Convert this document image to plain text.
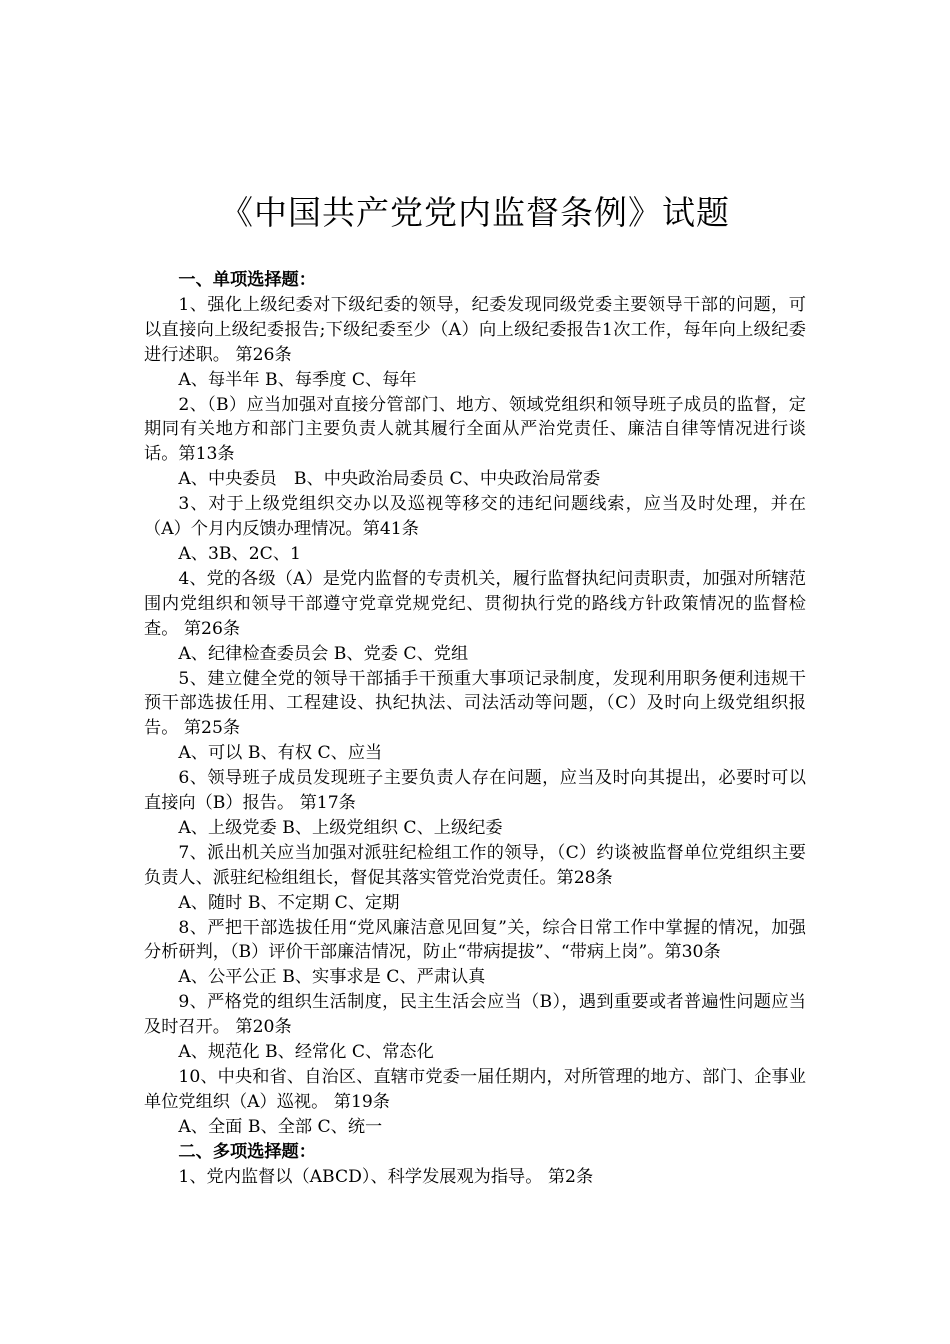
《中国共产党党内监督条例》试题

一、单项选择题：

1、强化上级纪委对下级纪委的领导，纪委发现同级党委主要领导干部的问题，可以直接向上级纪委报告;下级纪委至少（A）向上级纪委报告1次工作，每年向上级纪委进行述职。 第26条

A、每半年 B、每季度 C、每年

2、（B）应当加强对直接分管部门、地方、领域党组织和领导班子成员的监督，定期同有关地方和部门主要负责人就其履行全面从严治党责任、廉洁自律等情况进行谈话。第13条

A、中央委员　B、中央政治局委员 C、中央政治局常委

3、对于上级党组织交办以及巡视等移交的违纪问题线索，应当及时处理，并在（A）个月内反馈办理情况。第41条

A、3B、2C、1

4、党的各级（A）是党内监督的专责机关，履行监督执纪问责职责，加强对所辖范围内党组织和领导干部遵守党章党规党纪、贯彻执行党的路线方针政策情况的监督检查。 第26条

A、纪律检查委员会 B、党委 C、党组

5、建立健全党的领导干部插手干预重大事项记录制度，发现利用职务便利违规干预干部选拔任用、工程建设、执纪执法、司法活动等问题，（C）及时向上级党组织报告。 第25条

A、可以 B、有权 C、应当

6、领导班子成员发现班子主要负责人存在问题，应当及时向其提出，必要时可以直接向（B）报告。 第17条

A、上级党委 B、上级党组织 C、上级纪委

7、派出机关应当加强对派驻纪检组工作的领导，（C）约谈被监督单位党组织主要负责人、派驻纪检组组长，督促其落实管党治党责任。第28条

A、随时 B、不定期 C、定期

8、严把干部选拔任用“党风廉洁意见回复”关，综合日常工作中掌握的情况，加强分析研判，（B）评价干部廉洁情况，防止“带病提拔”、“带病上岗”。第30条

A、公平公正 B、实事求是 C、严肃认真

9、严格党的组织生活制度，民主生活会应当（B），遇到重要或者普遍性问题应当及时召开。 第20条

A、规范化 B、经常化 C、常态化

10、中央和省、自治区、直辖市党委一届任期内，对所管理的地方、部门、企事业单位党组织（A）巡视。 第19条

A、全面 B、全部 C、统一

二、多项选择题：

1、党内监督以（ABCD）、科学发展观为指导。 第2条
